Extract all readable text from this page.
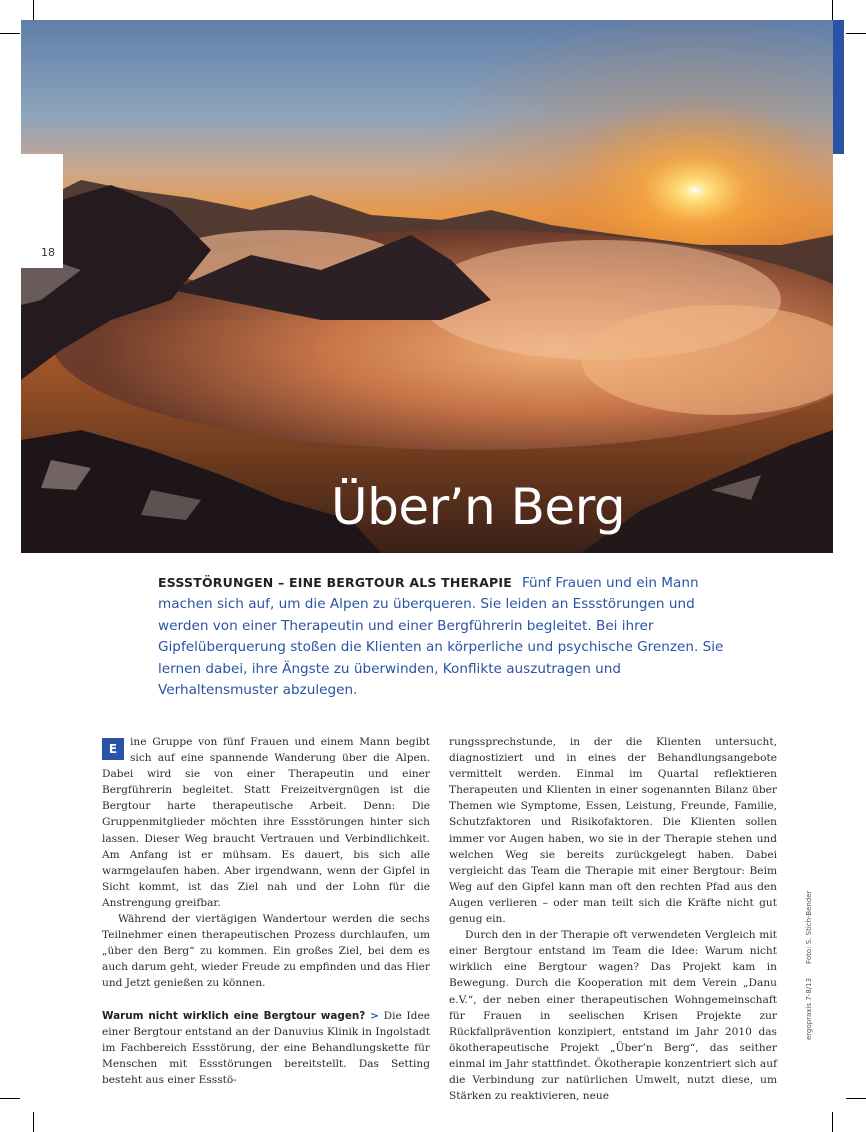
Über’n Berg
18
ESSSTÖRUNGEN – EINE BERGTOUR ALS THERAPIE Fünf Frauen und ein Mann machen sich auf, um die Alpen zu überqueren. Sie leiden an Essstörungen und werden von einer Therapeutin und einer Bergführerin begleitet. Bei ihrer Gipfelüberquerung stoßen die Klienten an körperliche und psychische Grenzen. Sie lernen dabei, ihre Ängste zu überwinden, Konflikte auszutragen und Verhaltensmuster abzulegen.

E	ine Gruppe von fünf Frauen und einem Mann begibt sich auf eine spannende Wanderung über die Alpen. Dabei wird sie von einer Therapeutin und einer Bergführerin begleitet. Statt Freizeitvergnügen ist die Bergtour harte therapeutische Arbeit. Denn: Die Gruppenmitglieder möchten ihre Essstörungen hinter sich lassen. Dieser Weg braucht Vertrauen und Verbindlichkeit. Am Anfang ist er mühsam. Es dauert, bis sich alle warmgelaufen haben. Aber irgendwann, wenn der Gipfel in Sicht kommt, ist das Ziel nah und der Lohn für die Anstrengung greifbar.

Während der viertägigen Wandertour werden die sechs Teilnehmer einen therapeutischen Prozess durchlaufen, um „über den Berg“ zu kommen. Ein großes Ziel, bei dem es auch darum geht, wieder Freude zu empfinden und das Hier und Jetzt genießen zu können.

Warum nicht wirklich eine Bergtour wagen? > Die Idee einer Bergtour entstand an der Danuvius Klinik in Ingolstadt im Fachbereich Essstörung, der eine Behandlungskette für Menschen mit Essstörungen bereitstellt. Das Setting besteht aus einer Essstö-

rungssprechstunde, in der die Klienten untersucht, diagnostiziert und in eines der Behandlungsangebote vermittelt werden. Einmal im Quartal reflektieren Therapeuten und Klienten in einer sogenannten Bilanz über Themen wie Symptome, Essen, Leistung, Freunde, Familie, Schutzfaktoren und Risikofaktoren. Die Klienten sollen immer vor Augen haben, wo sie in der Therapie stehen und welchen Weg sie bereits zurückgelegt haben. Dabei vergleicht das Team die Therapie mit einer Bergtour: Beim Weg auf den Gipfel kann man oft den rechten Pfad aus den Augen verlieren – oder man teilt sich die Kräfte nicht gut genug ein.

Durch den in der Therapie oft verwendeten Vergleich mit einer Bergtour entstand im Team die Idee: Warum nicht wirklich eine Bergtour wagen? Das Projekt kam in Bewegung. Durch die Kooperation mit dem Verein „Danu e.V.“, der neben einer therapeutischen Wohngemeinschaft für Frauen in seelischen Krisen Projekte zur Rückfallprävention konzipiert, entstand im Jahr 2010 das ökotherapeutische Projekt „Über’n Berg“, das seither einmal im Jahr stattfindet. Ökotherapie konzentriert sich auf die Verbindung zur natürlichen Umwelt, nutzt diese, um Stärken zu reaktivieren, neue

ergopraxis 7-8/13Foto: S. Stich-Bender
